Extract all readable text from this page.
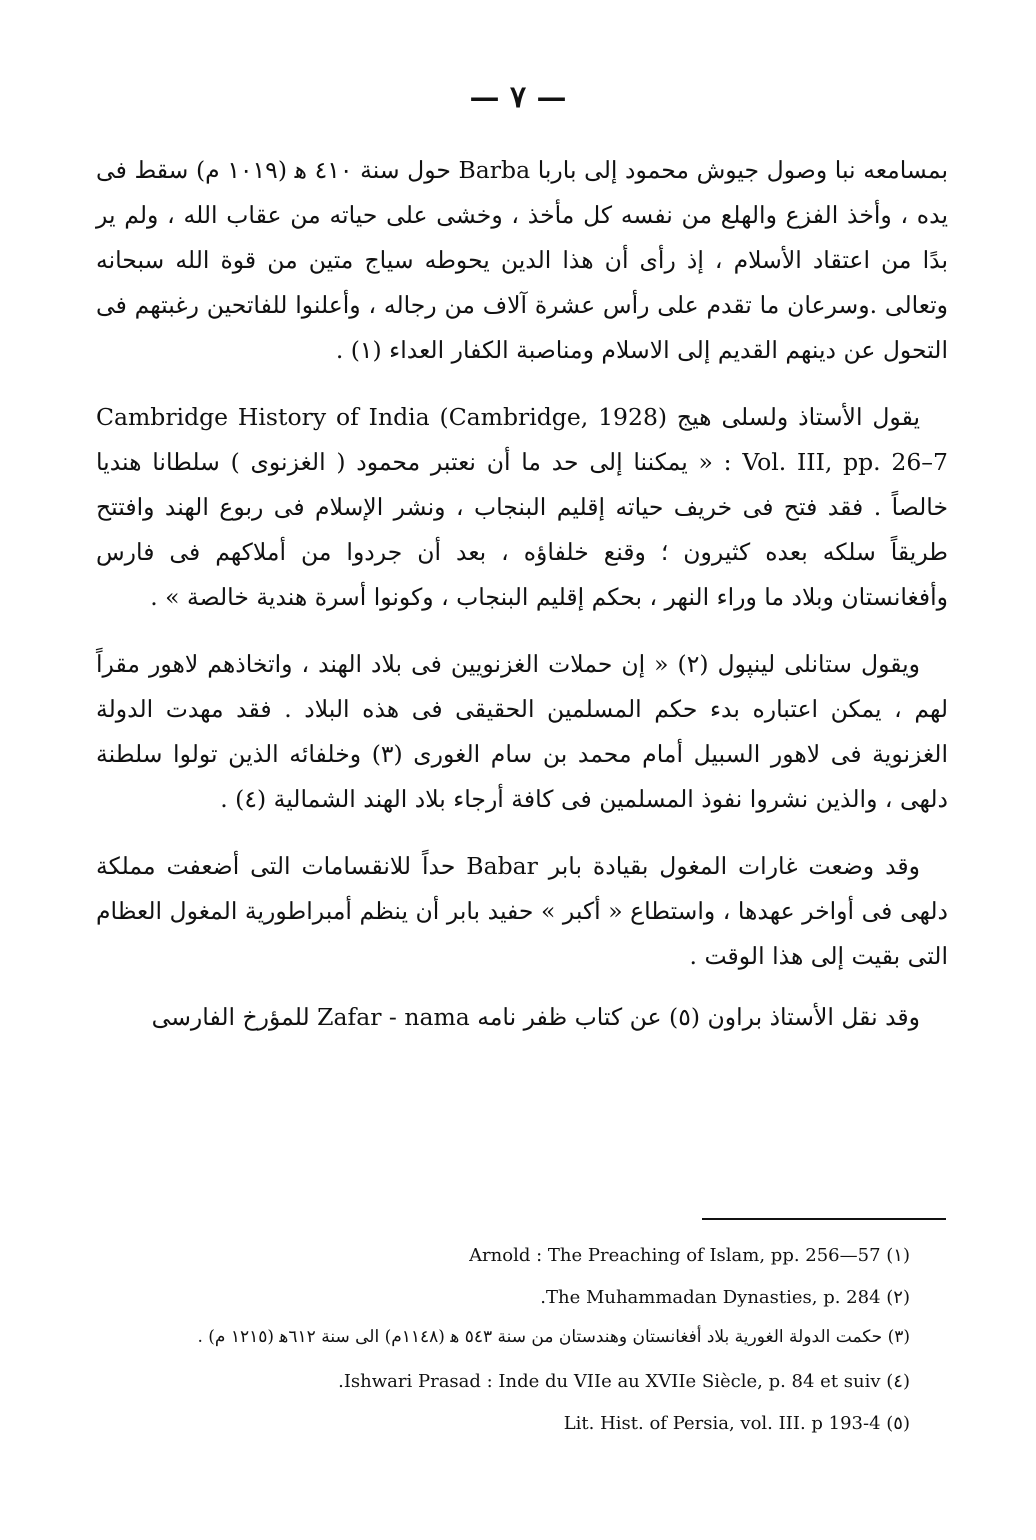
— ٧ —

بمسامعه نبا وصول جيوش محمود إلى باربا Barba حول سنة ٤١٠ ﻫ (١٠١٩ م) سقط فى يده ، وأخذ الفزع والهلع من نفسه كل مأخذ ، وخشى على حياته من عقاب الله ، ولم ير بدًا من اعتقاد الأسلام ، إذ رأى أن هذا الدين يحوطه سياج متين من قوة الله سبحانه وتعالى .وسرعان ما تقدم على رأس عشرة آلاف من رجاله ، وأعلنوا للفاتحين رغبتهم فى التحول عن دينهم القديم إلى الاسلام ومناصبة الكفار العداء (١) .

يقول الأستاذ ولسلى هيج Cambridge History of India (Cambridge, 1928) Vol. III, pp. 26–7 : « يمكننا إلى حد ما أن نعتبر محمود ( الغزنوى ) سلطانا هنديا خالصاً . فقد فتح فى خريف حياته إقليم البنجاب ، ونشر الإسلام فى ربوع الهند وافتتح طريقاً سلكه بعده كثيرون ؛ وقنع خلفاؤه ، بعد أن جردوا من أملاكهم فى فارس وأفغانستان وبلاد ما وراء النهر ، بحكم إقليم البنجاب ، وكونوا أسرة هندية خالصة » .

ويقول ستانلى لينپول (٢) « إن حملات الغزنويين فى بلاد الهند ، واتخاذهم لاهور مقراً لهم ، يمكن اعتباره بدء حكم المسلمين الحقيقى فى هذه البلاد . فقد مهدت الدولة الغزنوية فى لاهور السبيل أمام محمد بن سام الغورى (٣) وخلفائه الذين تولوا سلطنة دلهى ، والذين نشروا نفوذ المسلمين فى كافة أرجاء بلاد الهند الشمالية (٤) .

وقد وضعت غارات المغول بقيادة بابر Babar حداً للانقسامات التى أضعفت مملكة دلهى فى أواخر عهدها ، واستطاع « أكبر » حفيد بابر أن ينظم أمبراطورية المغول العظام التى بقيت إلى هذا الوقت .

وقد نقل الأستاذ براون (٥) عن كتاب ظفر نامه Zafar - nama للمؤرخ الفارسى

(١) Arnold : The Preaching of Islam, pp. 256—57

(٢) The Muhammadan Dynasties, p. 284.

(٣) حكمت الدولة الغورية بلاد أفغانستان وهندستان من سنة ٥٤٣ ﻫ (١١٤٨م) الى سنة ٦١٢ﻫ (١٢١٥ م) .

(٤) Ishwari Prasad : Inde du VIIe au XVIIe Siècle, p. 84 et suiv.

(٥) Lit. Hist. of Persia, vol. III. p 193-4
